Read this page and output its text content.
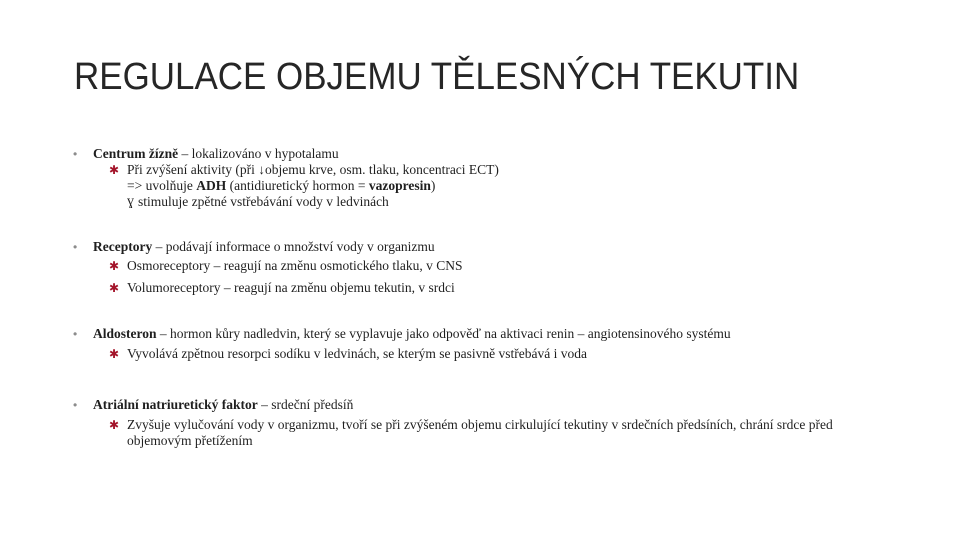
REGULACE OBJEMU TĚLESNÝCH TEKUTIN
• Centrum žízně – lokalizováno v hypotalamu
✱ Při zvýšení aktivity (při ↓objemu krve, osm. tlaku, koncentraci ECT)
=> uvolňuje ADH (antidiuretický hormon = vazopresin)
ɣ stimuluje zpětné vstřebávání vody v ledvinách
• Receptory – podávají informace o množství vody v organizmu
✱ Osmoreceptory – reagují na změnu osmotického tlaku, v CNS
✱ Volumoreceptory – reagují na změnu objemu tekutin, v srdci
• Aldosteron – hormon kůry nadledvin, který se vyplavuje jako odpověď na aktivaci renin – angiotensinového systému
✱ Vyvolává zpětnou resorpci sodíku v ledvinách, se kterým se pasivně vstřebává i voda
• Atriální natriuretický faktor – srdeční předsíň
✱ Zvyšuje vylučování vody v organizmu, tvoří se při zvýšeném objemu cirkulující tekutiny v srdečních předsíních, chrání srdce před objemovým přetížením
